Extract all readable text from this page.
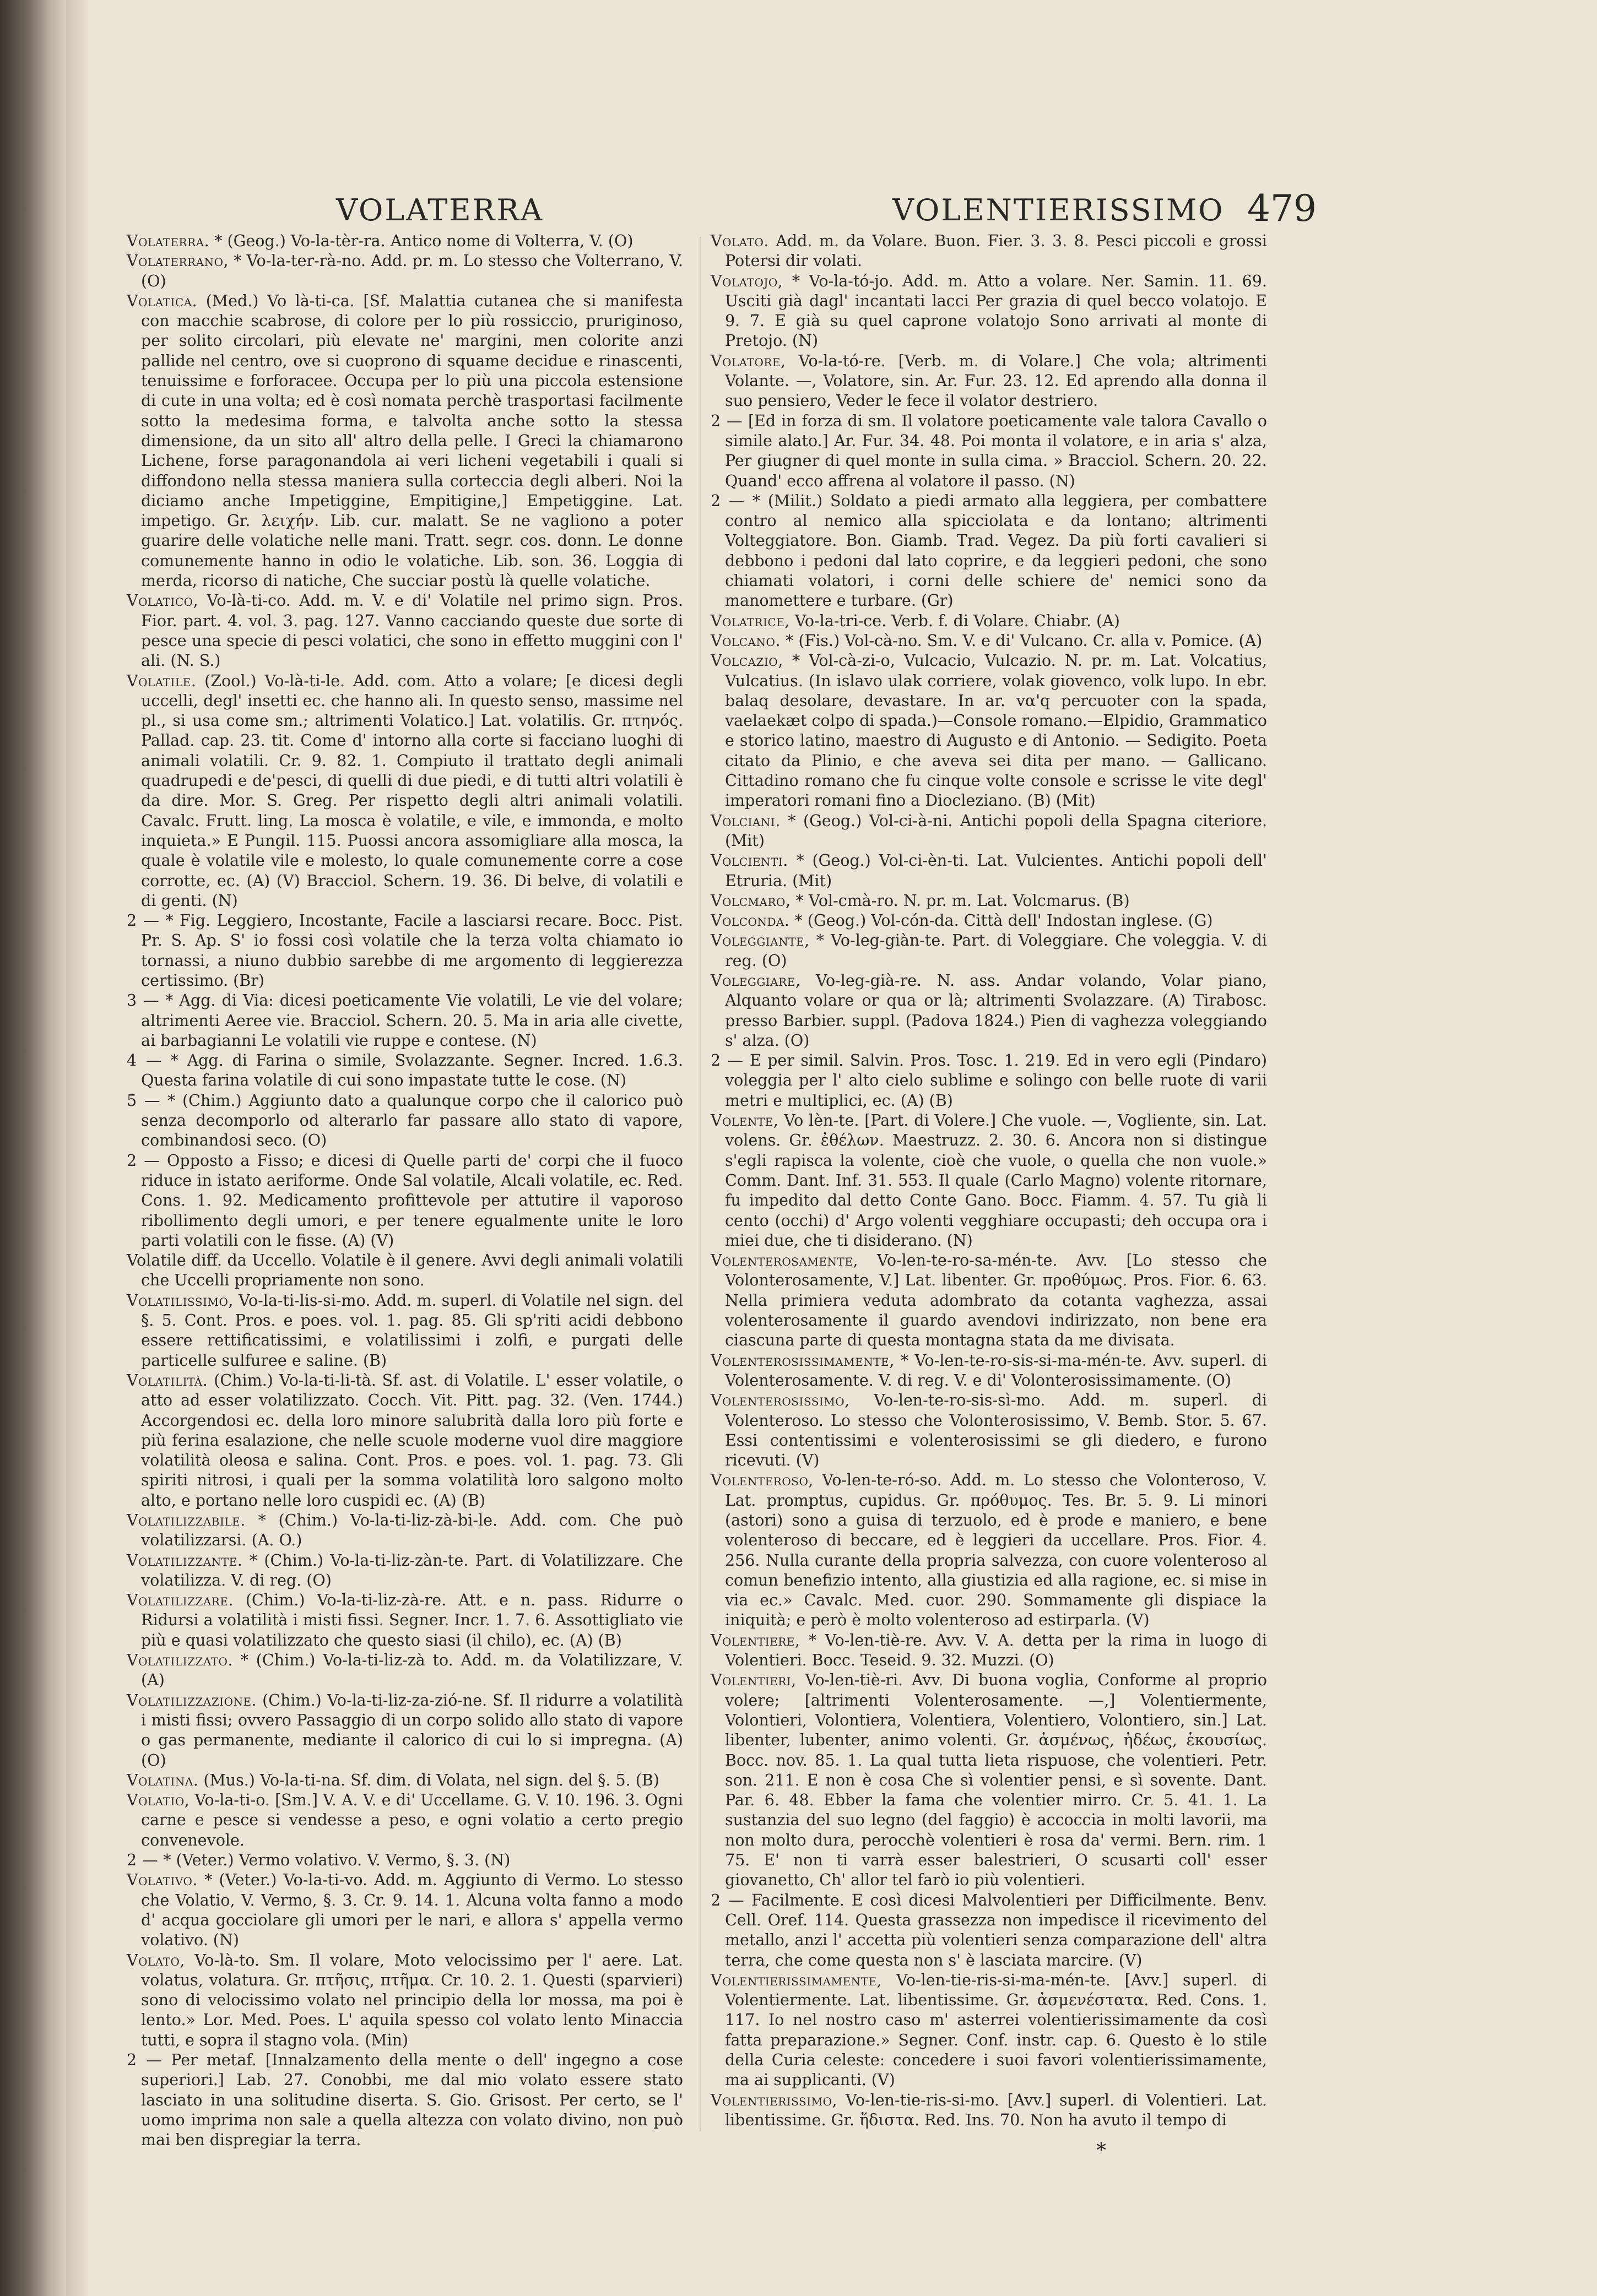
VOLATERRA	VOLENTIERISSIMO 479
Volaterra. * (Geog.) Vo-la-tèr-ra. Antico nome di Volterra, V. (O)
Volaterrano, * Vo-la-ter-rà-no. Add. pr. m. Lo stesso che Volterrano, V. (O)
Volatica. (Med.) Vo là-ti-ca. [Sf. Malattia cutanea che si manifesta con macchie scabrose, di colore per lo più rossiccio, pruriginoso, per solito circolari, più elevate ne' margini, men colorite anzi pallide nel centro, ove si cuoprono di squame decidue e rinascenti, tenuissime e forforacee. Occupa per lo più una piccola estensione di cute in una volta; ed è così nomata perchè trasportasi facilmente sotto la medesima forma, e talvolta anche sotto la stessa dimensione, da un sito all' altro della pelle. I Greci la chiamarono Lichene, forse paragonandola ai veri licheni vegetabili i quali si diffondono nella stessa maniera sulla corteccia degli alberi. Noi la diciamo anche Impetiggine, Empitigine,] Empetiggine. Lat. impetigo. Gr. λειχήν. Lib. cur. malatt. Se ne vagliono a poter guarire delle volatiche nelle mani. Tratt. segr. cos. donn. Le donne comunemente hanno in odio le volatiche. Lib. son. 36. Loggia di merda, ricorso di natiche, Che succiar postù là quelle volatiche.
Volatico, Vo-là-ti-co. Add. m. V. e di' Volatile nel primo sign. Pros. Fior. part. 4. vol. 3. pag. 127. Vanno cacciando queste due sorte di pesce una specie di pesci volatici, che sono in effetto muggini con l' ali. (N. S.)
Volatile. (Zool.) Vo-là-ti-le. Add. com. Atto a volare; [e dicesi degli uccelli, degl' insetti ec. che hanno ali. In questo senso, massime nel pl., si usa come sm.; altrimenti Volatico.] Lat. volatilis. Gr. πτηνός. Pallad. cap. 23. tit. Come d' intorno alla corte si facciano luoghi di animali volatili. Cr. 9. 82. 1. Compiuto il trattato degli animali quadrupedi e de'pesci, di quelli di due piedi, e di tutti altri volatili è da dire. Mor. S. Greg. Per rispetto degli altri animali volatili. Cavalc. Frutt. ling. La mosca è volatile, e vile, e immonda, e molto inquieta.» E Pungil. 115. Puossi ancora assomigliare alla mosca, la quale è volatile vile e molesto, lo quale comunemente corre a cose corrotte, ec. (A) (V) Bracciol. Schern. 19. 36. Di belve, di volatili e di genti. (N)
2 — * Fig. Leggiero, Incostante, Facile a lasciarsi recare. Bocc. Pist. Pr. S. Ap. S' io fossi così volatile che la terza volta chiamato io tornassi, a niuno dubbio sarebbe di me argomento di leggierezza certissimo. (Br)
3 — * Agg. di Via: dicesi poeticamente Vie volatili, Le vie del volare; altrimenti Aeree vie. Bracciol. Schern. 20. 5. Ma in aria alle civette, ai barbagianni Le volatili vie ruppe e contese. (N)
4 — * Agg. di Farina o simile, Svolazzante. Segner. Incred. 1.6.3. Questa farina volatile di cui sono impastate tutte le cose. (N)
5 — * (Chim.) Aggiunto dato a qualunque corpo che il calorico può senza decomporlo od alterarlo far passare allo stato di vapore, combinandosi seco. (O)
2 — Opposto a Fisso; e dicesi di Quelle parti de' corpi che il fuoco riduce in istato aeriforme. Onde Sal volatile, Alcali volatile, ec. Red. Cons. 1. 92. Medicamento profittevole per attutire il vaporoso ribollimento degli umori, e per tenere egualmente unite le loro parti volatili con le fisse. (A) (V)
Volatile diff. da Uccello. Volatile è il genere. Avvi degli animali volatili che Uccelli propriamente non sono.
Volatilissimo, Vo-la-ti-lis-si-mo. Add. m. superl. di Volatile nel sign. del §. 5. Cont. Pros. e poes. vol. 1. pag. 85. Gli sp'riti acidi debbono essere rettificatissimi, e volatilissimi i zolfi, e purgati delle particelle sulfuree e saline. (B)
Volatilità. (Chim.) Vo-la-ti-li-tà. Sf. ast. di Volatile. L' esser volatile, o atto ad esser volatilizzato. Cocch. Vit. Pitt. pag. 32. (Ven. 1744.) Accorgendosi ec. della loro minore salubrità dalla loro più forte e più ferina esalazione, che nelle scuole moderne vuol dire maggiore volatilità oleosa e salina. Cont. Pros. e poes. vol. 1. pag. 73. Gli spiriti nitrosi, i quali per la somma volatilità loro salgono molto alto, e portano nelle loro cuspidi ec. (A) (B)
Volatilizzabile. * (Chim.) Vo-la-ti-liz-zà-bi-le. Add. com. Che può volatilizzarsi. (A. O.)
Volatilizzante. * (Chim.) Vo-la-ti-liz-zàn-te. Part. di Volatilizzare. Che volatilizza. V. di reg. (O)
Volatilizzare. (Chim.) Vo-la-ti-liz-zà-re. Att. e n. pass. Ridurre o Ridursi a volatilità i misti fissi. Segner. Incr. 1. 7. 6. Assottigliato vie più e quasi volatilizzato che questo siasi (il chilo), ec. (A) (B)
Volatilizzato. * (Chim.) Vo-la-ti-liz-zà to. Add. m. da Volatilizzare, V. (A)
Volatilizzazione. (Chim.) Vo-la-ti-liz-za-zió-ne. Sf. Il ridurre a volatilità i misti fissi; ovvero Passaggio di un corpo solido allo stato di vapore o gas permanente, mediante il calorico di cui lo si impregna. (A) (O)
Volatina. (Mus.) Vo-la-ti-na. Sf. dim. di Volata, nel sign. del §. 5. (B)
Volatio, Vo-la-ti-o. [Sm.] V. A. V. e di' Uccellame. G. V. 10. 196. 3. Ogni carne e pesce si vendesse a peso, e ogni volatio a certo pregio convenevole.
2 — * (Veter.) Vermo volativo. V. Vermo, §. 3. (N)
Volativo. * (Veter.) Vo-la-ti-vo. Add. m. Aggiunto di Vermo. Lo stesso che Volatio, V. Vermo, §. 3. Cr. 9. 14. 1. Alcuna volta fanno a modo d' acqua gocciolare gli umori per le nari, e allora s' appella vermo volativo. (N)
Volato, Vo-là-to. Sm. Il volare, Moto velocissimo per l' aere. Lat. volatus, volatura. Gr. πτῆσις, πτῆμα. Cr. 10. 2. 1. Questi (sparvieri) sono di velocissimo volato nel principio della lor mossa, ma poi è lento.» Lor. Med. Poes. L' aquila spesso col volato lento Minaccia tutti, e sopra il stagno vola. (Min)
2 — Per metaf. [Innalzamento della mente o dell' ingegno a cose superiori.] Lab. 27. Conobbi, me dal mio volato essere stato lasciato in una solitudine diserta. S. Gio. Grisost. Per certo, se l' uomo imprima non sale a quella altezza con volato divino, non può mai ben dispregiar la terra.
Volato. Add. m. da Volare. Buon. Fier. 3. 3. 8. Pesci piccoli e grossi Potersi dir volati.
Volatojo, * Vo-la-tó-jo. Add. m. Atto a volare. Ner. Samin. 11. 69. Usciti già dagl' incantati lacci Per grazia di quel becco volatojo. E 9. 7. E già su quel caprone volatojo Sono arrivati al monte di Pretojo. (N)
Volatore, Vo-la-tó-re. [Verb. m. di Volare.] Che vola; altrimenti Volante. —, Volatore, sin. Ar. Fur. 23. 12. Ed aprendo alla donna il suo pensiero, Veder le fece il volator destriero.
2 — [Ed in forza di sm. Il volatore poeticamente vale talora Cavallo o simile alato.] Ar. Fur. 34. 48. Poi monta il volatore, e in aria s' alza, Per giugner di quel monte in sulla cima. » Bracciol. Schern. 20. 22. Quand' ecco affrena al volatore il passo. (N)
2 — * (Milit.) Soldato a piedi armato alla leggiera, per combattere contro al nemico alla spicciolata e da lontano; altrimenti Volteggiatore. Bon. Giamb. Trad. Vegez. Da più forti cavalieri si debbono i pedoni dal lato coprire, e da leggieri pedoni, che sono chiamati volatori, i corni delle schiere de' nemici sono da manomettere e turbare. (Gr)
Volatrice, Vo-la-tri-ce. Verb. f. di Volare. Chiabr. (A)
Volcano. * (Fis.) Vol-cà-no. Sm. V. e di' Vulcano. Cr. alla v. Pomice. (A)
Volcazio, * Vol-cà-zi-o, Vulcacio, Vulcazio. N. pr. m. Lat. Volcatius, Vulcatius. (In islavo ulak corriere, volak giovenco, volk lupo. In ebr. balaq desolare, devastare. In ar. vα'q percuoter con la spada, vaelaekæt colpo di spada.)—Console romano.—Elpidio, Grammatico e storico latino, maestro di Augusto e di Antonio. — Sedigito. Poeta citato da Plinio, e che aveva sei dita per mano. — Gallicano. Cittadino romano che fu cinque volte console e scrisse le vite degl' imperatori romani fino a Diocleziano. (B) (Mit)
Volciani. * (Geog.) Vol-ci-à-ni. Antichi popoli della Spagna citeriore. (Mit)
Volcienti. * (Geog.) Vol-ci-èn-ti. Lat. Vulcientes. Antichi popoli dell' Etruria. (Mit)
Volcmaro, * Vol-cmà-ro. N. pr. m. Lat. Volcmarus. (B)
Volconda. * (Geog.) Vol-cón-da. Città dell' Indostan inglese. (G)
Voleggiante, * Vo-leg-giàn-te. Part. di Voleggiare. Che voleggia. V. di reg. (O)
Voleggiare, Vo-leg-già-re. N. ass. Andar volando, Volar piano, Alquanto volare or qua or là; altrimenti Svolazzare. (A) Tirabosc. presso Barbier. suppl. (Padova 1824.) Pien di vaghezza voleggiando s' alza. (O)
2 — E per simil. Salvin. Pros. Tosc. 1. 219. Ed in vero egli (Pindaro) voleggia per l' alto cielo sublime e solingo con belle ruote di varii metri e multiplici, ec. (A) (B)
Volente, Vo lèn-te. [Part. di Volere.] Che vuole. —, Vogliente, sin. Lat. volens. Gr. ἐθέλων. Maestruzz. 2. 30. 6. Ancora non si distingue s'egli rapisca la volente, cioè che vuole, o quella che non vuole.» Comm. Dant. Inf. 31. 553. Il quale (Carlo Magno) volente ritornare, fu impedito dal detto Conte Gano. Bocc. Fiamm. 4. 57. Tu già li cento (occhi) d' Argo volenti vegghiare occupasti; deh occupa ora i miei due, che ti disiderano. (N)
Volenterosamente, Vo-len-te-ro-sa-mén-te. Avv. [Lo stesso che Volonterosamente, V.] Lat. libenter. Gr. προθύμως. Pros. Fior. 6. 63. Nella primiera veduta adombrato da cotanta vaghezza, assai volenterosamente il guardo avendovi indirizzato, non bene era ciascuna parte di questa montagna stata da me divisata.
Volenterosissimamente, * Vo-len-te-ro-sis-si-ma-mén-te. Avv. superl. di Volenterosamente. V. di reg. V. e di' Volonterosissimamente. (O)
Volenterosissimo, Vo-len-te-ro-sis-sì-mo. Add. m. superl. di Volenteroso. Lo stesso che Volonterosissimo, V. Bemb. Stor. 5. 67. Essi contentissimi e volenterosissimi se gli diedero, e furono ricevuti. (V)
Volenteroso, Vo-len-te-ró-so. Add. m. Lo stesso che Volonteroso, V. Lat. promptus, cupidus. Gr. πρόθυμος. Tes. Br. 5. 9. Li minori (astori) sono a guisa di terzuolo, ed è prode e maniero, e bene volenteroso di beccare, ed è leggieri da uccellare. Pros. Fior. 4. 256. Nulla curante della propria salvezza, con cuore volenteroso al comun benefizio intento, alla giustizia ed alla ragione, ec. si mise in via ec.» Cavalc. Med. cuor. 290. Sommamente gli dispiace la iniquità; e però è molto volenteroso ad estirparla. (V)
Volentiere, * Vo-len-tiè-re. Avv. V. A. detta per la rima in luogo di Volentieri. Bocc. Teseid. 9. 32. Muzzi. (O)
Volentieri, Vo-len-tiè-ri. Avv. Di buona voglia, Conforme al proprio volere; [altrimenti Volenterosamente. —,] Volentiermente, Volontieri, Volontiera, Volentiera, Volentiero, Volontiero, sin.] Lat. libenter, lubenter, animo volenti. Gr. ἀσμένως, ἡδέως, ἑκουσίως. Bocc. nov. 85. 1. La qual tutta lieta rispuose, che volentieri. Petr. son. 211. E non è cosa Che sì volentier pensi, e sì sovente. Dant. Par. 6. 48. Ebber la fama che volentier mirro. Cr. 5. 41. 1. La sustanzia del suo legno (del faggio) è accoccia in molti lavorii, ma non molto dura, perocchè volentieri è rosa da' vermi. Bern. rim. 1 75. E' non ti varrà esser balestrieri, O scusarti coll' esser giovanetto, Ch' allor tel farò io più volentieri.
2 — Facilmente. E così dicesi Malvolentieri per Difficilmente. Benv. Cell. Oref. 114. Questa grassezza non impedisce il ricevimento del metallo, anzi l' accetta più volentieri senza comparazione dell' altra terra, che come questa non s' è lasciata marcire. (V)
Volentierissimamente, Vo-len-tie-ris-si-ma-mén-te. [Avv.] superl. di Volentiermente. Lat. libentissime. Gr. ἀσμενέστατα. Red. Cons. 1. 117. Io nel nostro caso m' asterrei volentierissimamente da così fatta preparazione.» Segner. Conf. instr. cap. 6. Questo è lo stile della Curia celeste: concedere i suoi favori volentierissimamente, ma ai supplicanti. (V)
Volentierissimo, Vo-len-tie-ris-si-mo. [Avv.] superl. di Volentieri. Lat. libentissime. Gr. ἥδιστα. Red. Ins. 70. Non ha avuto il tempo di
*
